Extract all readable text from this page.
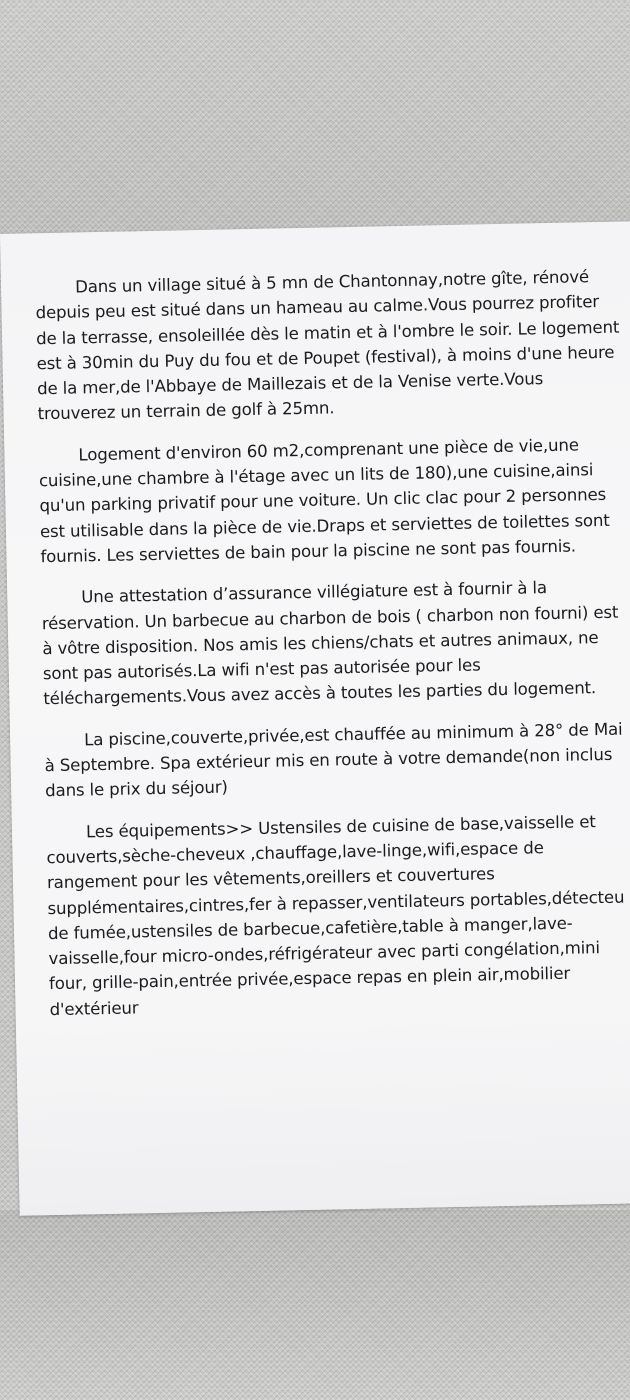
Dans un village situé à 5 mn de Chantonnay,notre gîte, rénové
depuis peu est situé dans un hameau au calme.Vous pourrez profiter
de la terrasse, ensoleillée dès le matin et à l'ombre le soir. Le logement
est à 30min du Puy du fou et de Poupet (festival), à moins d'une heure
de la mer,de l'Abbaye de Maillezais et de la Venise verte.Vous
trouverez un terrain de golf à 25mn.
Logement d'environ 60 m2,comprenant une pièce de vie,une
cuisine,une chambre à l'étage avec un lits de 180),une cuisine,ainsi
qu'un parking privatif pour une voiture. Un clic clac pour 2 personnes
est utilisable dans la pièce de vie.Draps et serviettes de toilettes sont
fournis. Les serviettes de bain pour la piscine ne sont pas fournis.
Une attestation d’assurance villégiature est à fournir à la
réservation. Un barbecue au charbon de bois ( charbon non fourni) est
à vôtre disposition. Nos amis les chiens/chats et autres animaux, ne
sont pas autorisés.La wifi n'est pas autorisée pour les
téléchargements.Vous avez accès à toutes les parties du logement.
La piscine,couverte,privée,est chauffée au minimum à 28° de Mai
à Septembre. Spa extérieur mis en route à votre demande(non inclus
dans le prix du séjour)
Les équipements>> Ustensiles de cuisine de base,vaisselle et
couverts,sèche-cheveux ,chauffage,lave-linge,wifi,espace de
rangement pour les vêtements,oreillers et couvertures
supplémentaires,cintres,fer à repasser,ventilateurs portables,détecteu
de fumée,ustensiles de barbecue,cafetière,table à manger,lave-
vaisselle,four micro-ondes,réfrigérateur avec parti congélation,mini
four, grille-pain,entrée privée,espace repas en plein air,mobilier
d'extérieur
